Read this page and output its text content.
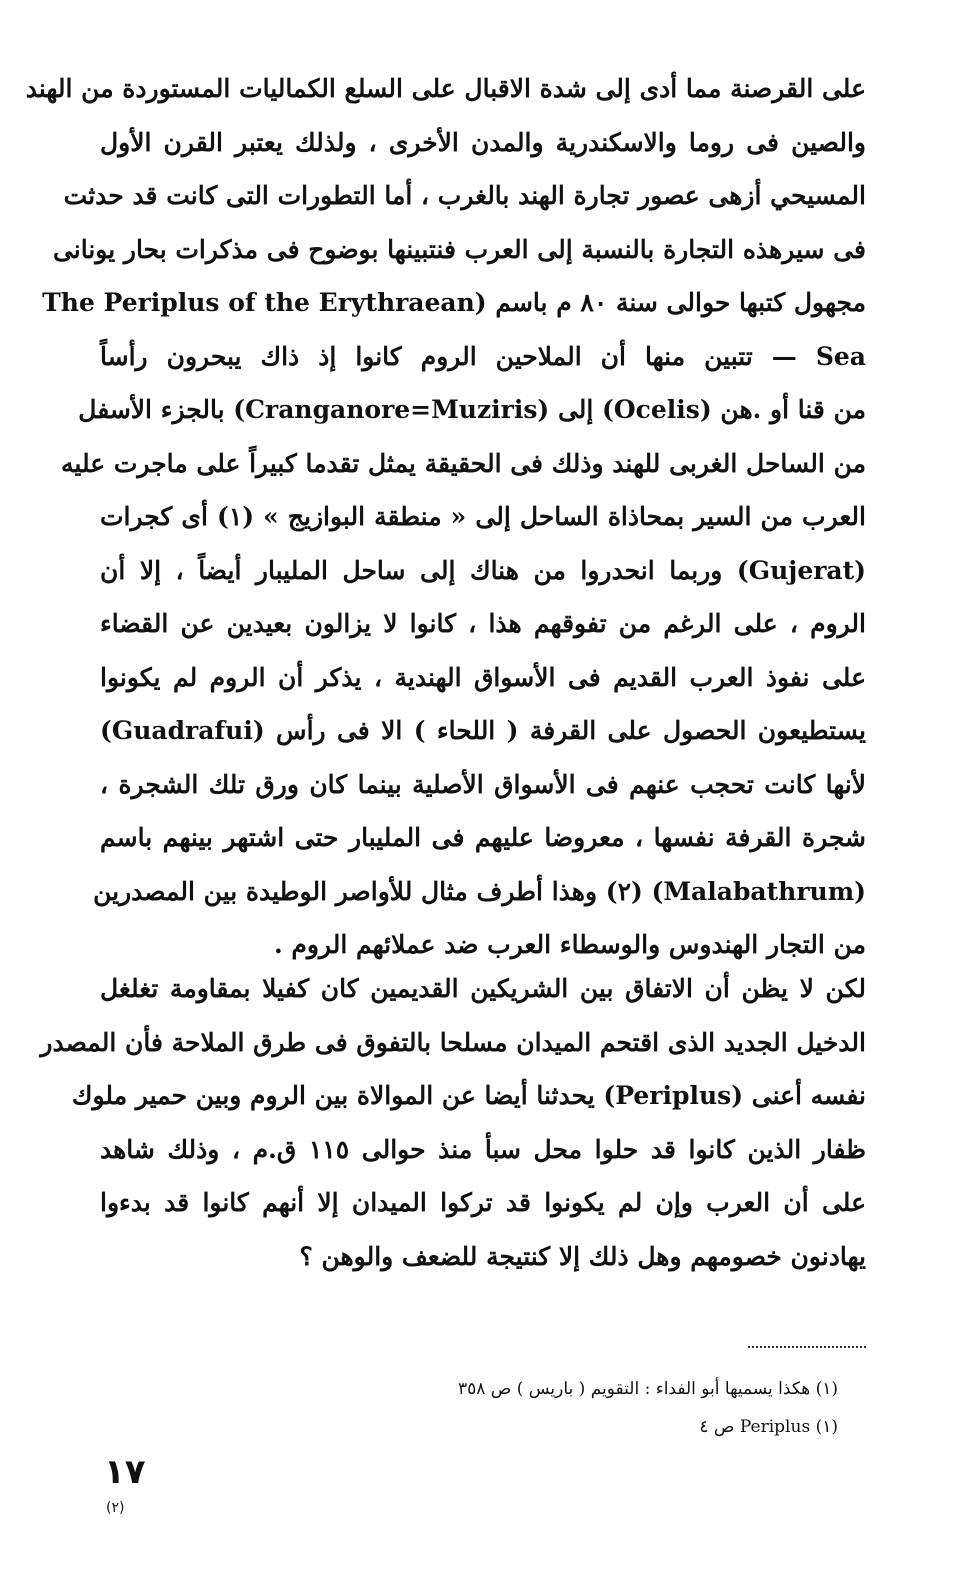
على القرصنة مما أدى إلى شدة الاقبال على السلع الكماليات المستوردة من الهند
والصين فى روما والاسكندرية والمدن الأخرى ، ولذلك يعتبر القرن الأول
المسيحي أزهى عصور تجارة الهند بالغرب ، أما التطورات التى كانت قد حدثت
فى سيرهذه التجارة بالنسبة إلى العرب فنتبينها بوضوح فى مذكرات بحار يونانى
مجهول كتبها حوالى سنة ٨٠ م باسم (The Periplus of the Erythraean
Sea — تتبين منها أن الملاحين الروم كانوا إذ ذاك يبحرون رأساً
من قنا أو .هن (Ocelis) إلى (Cranganore=Muziris) بالجزء الأسفل
من الساحل الغربى للهند وذلك فى الحقيقة يمثل تقدما كبيراً على ماجرت عليه
العرب من السير بمحاذاة الساحل إلى « منطقة البوازيج » (١) أى كجرات
(Gujerat) وربما انحدروا من هناك إلى ساحل المليبار أيضاً ، إلا أن
الروم ، على الرغم من تفوقهم هذا ، كانوا لا يزالون بعيدين عن القضاء
على نفوذ العرب القديم فى الأسواق الهندية ، يذكر أن الروم لم يكونوا
يستطيعون الحصول على القرفة ( اللحاء ) الا فى رأس (Guadrafui)
لأنها كانت تحجب عنهم فى الأسواق الأصلية بينما كان ورق تلك الشجرة ،
شجرة القرفة نفسها ، معروضا عليهم فى المليبار حتى اشتهر بينهم باسم
(Malabathrum) (٢) وهذا أطرف مثال للأواصر الوطيدة بين المصدرين
من التجار الهندوس والوسطاء العرب ضد عملائهم الروم .
لكن لا يظن أن الاتفاق بين الشريكين القديمين كان كفيلا بمقاومة تغلغل
الدخيل الجديد الذى اقتحم الميدان مسلحا بالتفوق فى طرق الملاحة فأن المصدر
نفسه أعنى (Periplus) يحدثنا أيضا عن الموالاة بين الروم وبين حمير ملوك
ظفار الذين كانوا قد حلوا محل سبأ منذ حوالى ١١٥ ق.م ، وذلك شاهد
على أن العرب وإن لم يكونوا قد تركوا الميدان إلا أنهم كانوا قد بدءوا
يهادنون خصومهم وهل ذلك إلا كنتيجة للضعف والوهن ؟
(١) هكذا يسميها أبو الفداء : التقويم ( باريس ) ص ٣٥٨
(١) Periplus ص ٤
١٧
(٢)
